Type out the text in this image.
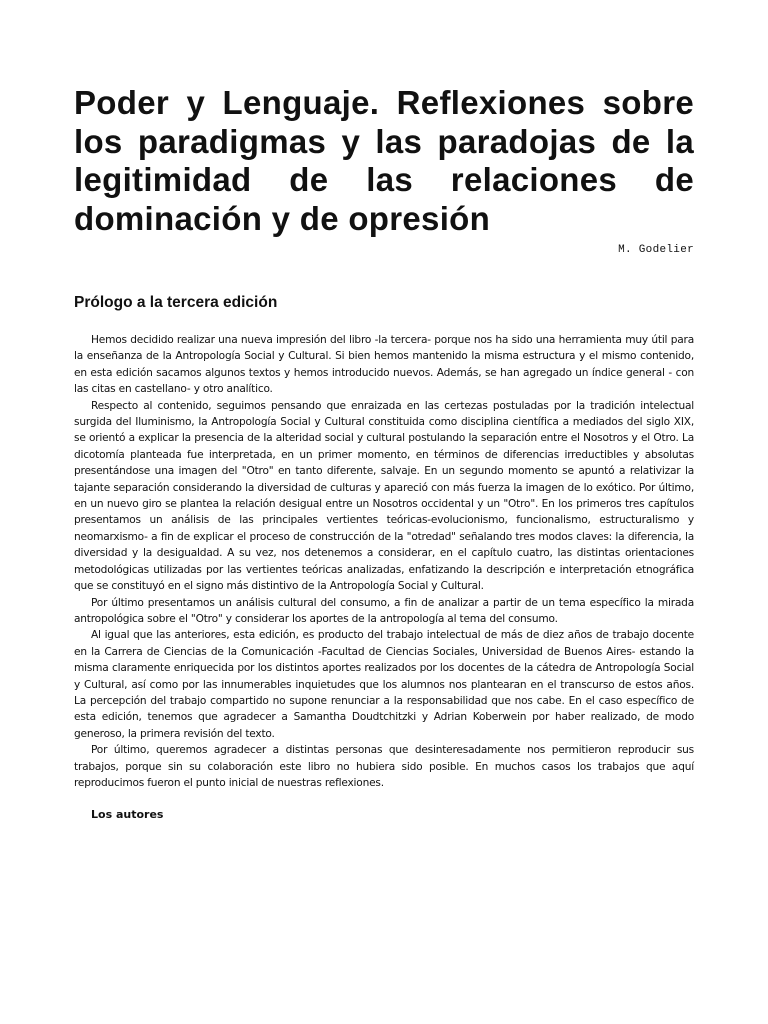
Poder y Lenguaje. Reflexiones sobre los paradigmas y las paradojas de la legitimidad de las relaciones de dominación y de opresión
M. Godelier
Prólogo a la tercera edición

Hemos decidido realizar una nueva impresión del libro -la tercera- porque nos ha sido una herramienta muy útil para la enseñanza de la Antropología Social y Cultural. Si bien hemos mantenido la misma estructura y el mismo contenido, en esta edición sacamos algunos textos y hemos introducido nuevos. Además, se han agregado un índice general - con las citas en castellano- y otro analítico.

Respecto al contenido, seguimos pensando que enraizada en las certezas postuladas por la tradición intelectual surgida del Iluminismo, la Antropología Social y Cultural constituida como disciplina científica a mediados del siglo XIX, se orientó a explicar la presencia de la alteridad social y cultural postulando la separación entre el Nosotros y el Otro. La dicotomía planteada fue interpretada, en un primer momento, en términos de diferencias irreductibles y absolutas presentándose una imagen del "Otro" en tanto diferente, salvaje. En un segundo momento se apuntó a relativizar la tajante separación considerando la diversidad de culturas y apareció con más fuerza la imagen de lo exótico. Por último, en un nuevo giro se plantea la relación desigual entre un Nosotros occidental y un "Otro". En los primeros tres capítulos presentamos un análisis de las principales vertientes teóricas-evolucionismo, funcionalismo, estructuralismo y neomarxismo- a fin de explicar el proceso de construcción de la "otredad" señalando tres modos claves: la diferencia, la diversidad y la desigualdad. A su vez, nos detenemos a considerar, en el capítulo cuatro, las distintas orientaciones metodológicas utilizadas por las vertientes teóricas analizadas, enfatizando la descripción e interpretación etnográfica que se constituyó en el signo más distintivo de la Antropología Social y Cultural.

Por último presentamos un análisis cultural del consumo, a fin de analizar a partir de un tema específico la mirada antropológica sobre el "Otro" y considerar los aportes de la antropología al tema del consumo.

Al igual que las anteriores, esta edición, es producto del trabajo intelectual de más de diez años de trabajo docente en la Carrera de Ciencias de la Comunicación -Facultad de Ciencias Sociales, Universidad de Buenos Aires- estando la misma claramente enriquecida por los distintos aportes realizados por los docentes de la cátedra de Antropología Social y Cultural, así como por las innumerables inquietudes que los alumnos nos plantearan en el transcurso de estos años. La percepción del trabajo compartido no supone renunciar a la responsabilidad que nos cabe. En el caso específico de esta edición, tenemos que agradecer a Samantha Doudtchitzki y Adrian Koberwein por haber realizado, de modo generoso, la primera revisión del texto.

Por último, queremos agradecer a distintas personas que desinteresadamente nos permitieron reproducir sus trabajos, porque sin su colaboración este libro no hubiera sido posible. En muchos casos los trabajos que aquí reproducimos fueron el punto inicial de nuestras reflexiones.

Los autores
